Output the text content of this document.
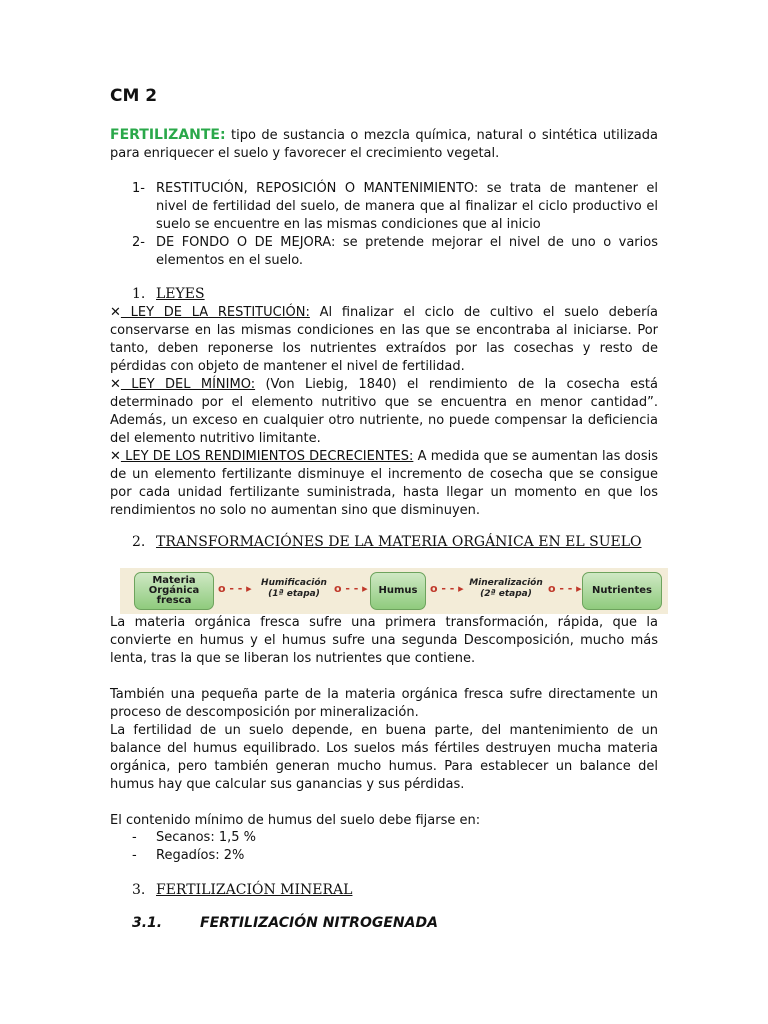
CM 2

FERTILIZANTE: tipo de sustancia o mezcla química, natural o sintética utilizada para enriquecer el suelo y favorecer el crecimiento vegetal.

1- RESTITUCIÓN, REPOSICIÓN O MANTENIMIENTO: se trata de mantener el nivel de fertilidad del suelo, de manera que al finalizar el ciclo productivo el suelo se encuentre en las mismas condiciones que al inicio
2- DE FONDO O DE MEJORA: se pretende mejorar el nivel de uno o varios elementos en el suelo.
1. LEYES

✕ LEY DE LA RESTITUCIÓN: Al finalizar el ciclo de cultivo el suelo debería conservarse en las mismas condiciones en las que se encontraba al iniciarse. Por tanto, deben reponerse los nutrientes extraídos por las cosechas y resto de pérdidas con objeto de mantener el nivel de fertilidad.

✕ LEY DEL MÍNIMO: (Von Liebig, 1840) el rendimiento de la cosecha está determinado por el elemento nutritivo que se encuentra en menor cantidad”. Además, un exceso en cualquier otro nutriente, no puede compensar la deficiencia del elemento nutritivo limitante.

✕ LEY DE LOS RENDIMIENTOS DECRECIENTES: A medida que se aumentan las dosis de un elemento fertilizante disminuye el incremento de cosecha que se consigue por cada unidad fertilizante suministrada, hasta llegar un momento en que los rendimientos no solo no aumentan sino que disminuyen.

2. TRANSFORMACIÓNES DE LA MATERIA ORGÁNICA EN EL SUELO

La materia orgánica fresca sufre una primera transformación, rápida, que la convierte en humus y el humus sufre una segunda Descomposición, mucho más lenta, tras la que se liberan los nutrientes que contiene.

También una pequeña parte de la materia orgánica fresca sufre directamente un proceso de descomposición por mineralización.

La fertilidad de un suelo depende, en buena parte, del mantenimiento de un balance del humus equilibrado. Los suelos más fértiles destruyen mucha materia orgánica, pero también generan mucho humus. Para establecer un balance del humus hay que calcular sus ganancias y sus pérdidas.

El contenido mínimo de humus del suelo debe fijarse en:

- Secanos: 1,5 %
- Regadíos: 2%
3. FERTILIZACIÓN MINERAL
3.1.	FERTILIZACIÓN NITROGENADA
Materia
Orgánica
fresca
o - - ▸	Humificación
(1ª etapa)	o - - ▸	Humus	o - - ▸ Mineralización
(2ª etapa)	o - - ▸	Nutrientes
